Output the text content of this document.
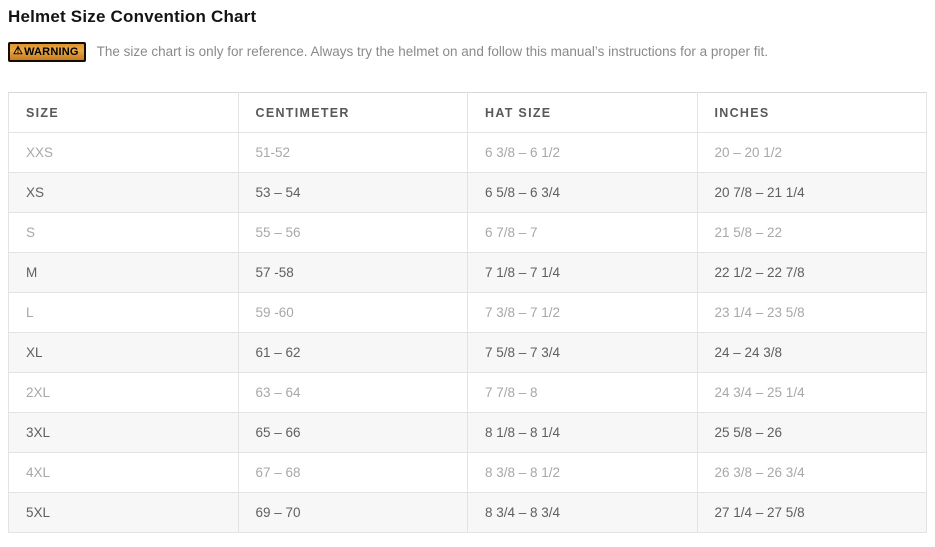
Helmet Size Convention Chart
⚠ WARNING The size chart is only for reference. Always try the helmet on and follow this manual’s instructions for a proper fit.
SIZE	CENTIMETER	HAT SIZE	INCHES
XXS	51-52	6 3/8 – 6 1/2	20 – 20 1/2
XS	53 – 54	6 5/8 – 6 3/4	20 7/8 – 21 1/4
S	55 – 56	6 7/8 – 7	21 5/8 – 22
M	57 -58	7 1/8 – 7 1/4	22 1/2 – 22 7/8
L	59 -60	7 3/8 – 7 1/2	23 1/4 – 23 5/8
XL	61 – 62	7 5/8 – 7 3/4	24 – 24 3/8
2XL	63 – 64	7 7/8 – 8	24 3/4 – 25 1/4
3XL	65 – 66	8 1/8 – 8 1/4	25 5/8 – 26
4XL	67 – 68	8 3/8 – 8 1/2	26 3/8 – 26 3/4
5XL	69 – 70	8 3/4 – 8 3/4	27 1/4 – 27 5/8
